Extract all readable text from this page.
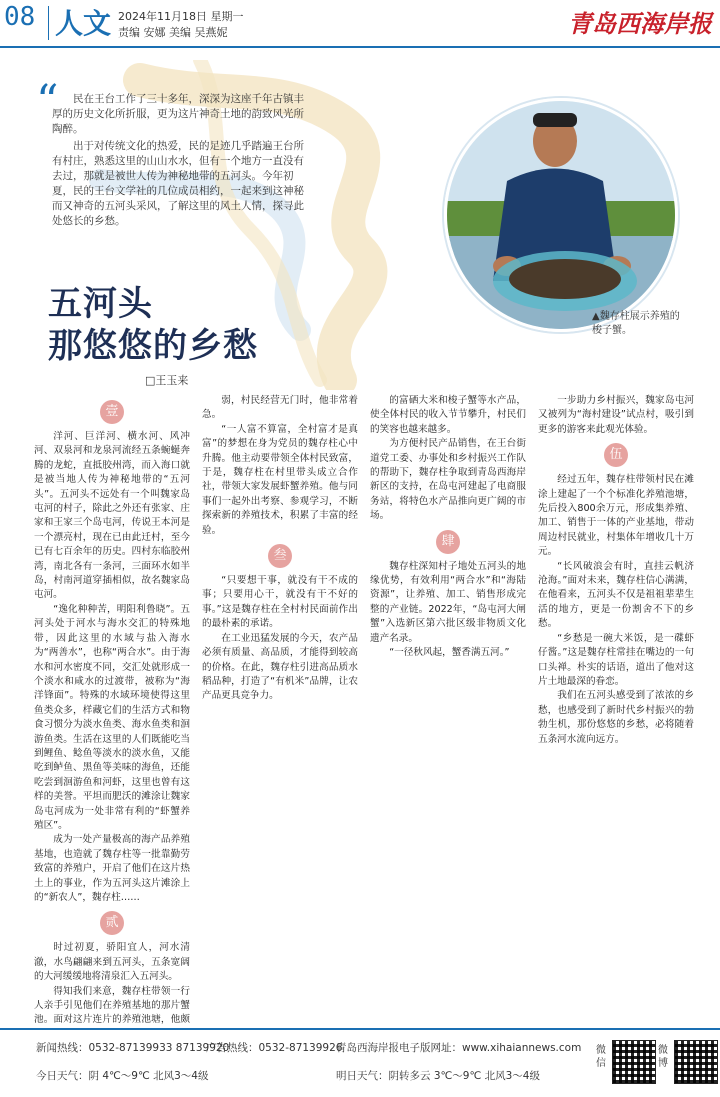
08 人文 2024年11月18日 星期一
责编 安娜 美编 吴燕妮	青岛西海岸报
“	民在王台工作了三十多年，深深为这座千年古镇丰厚的历史文化所折服，更为这片神奇土地的韵致风光所陶醉。

出于对传统文化的热爱，民的足迹几乎踏遍王台所有村庄，熟悉这里的山山水水，但有一个地方一直没有去过，那就是被世人传为神秘地带的五河头。今年初夏，民的王台文学社的几位成员相约，一起来到这神秘而又神奇的五河头采风，了解这里的风土人情，探寻此处悠长的乡愁。

▲魏存柱展示养殖的梭子蟹。
五河头
那悠悠的乡愁
□王玉来
壹

洋河、巨洋河、横水河、风冲河、双泉河和龙泉河流经五条蜿蜒奔腾的龙蛇，直抵胶州湾，而入海口就是被当地人传为神秘地带的“五河头”。五河头不远处有一个叫魏家岛屯河的村子，除此之外还有张家、庄家和王家三个岛屯河，传说王本河是一个漂亮村，现在已由此迁村，至今已有七百余年的历史。四村东临胶州湾，南北各有一条河，三面环水如半岛，村南河道穿插相似，故名魏家岛屯河。

“逸化种种苦，明阳利鲁晓”。五河头处于河水与海水交汇的特殊地带，因此这里的水域与盐入海水为“两善水”，也称“两合水”。由于海水和河水密度不同，交汇处就形成一个淡水和咸水的过渡带，被称为“海洋锋面”。特殊的水域环境使得这里鱼类众多，样藏它们的生活方式和物食习惯分为淡水鱼类、海水鱼类和洄游鱼类。生活在这里的人们既能吃当到鲤鱼、鲶鱼等淡水的淡水鱼，又能吃到鲈鱼、黑鱼等美味的海鱼，还能吃尝到洄游鱼和河虾，这里也曾有这样的美誉。平坦而肥沃的滩涂让魏家岛屯河成为一处非常有利的“虾蟹养殖区”。

成为一处产量极高的海产品养殖基地，也造就了魏存柱等一批靠勤劳致富的养殖户，开启了他们在这片热土上的事业，作为五河头这片滩涂上的“新农人”，魏存柱……

贰

时过初夏，骄阳宜人，河水清澈，水鸟翩翩来到五河头，五条宽阔的大河缓缓地将清泉汇入五河头。

得知我们来意，魏存柱带领一行人亲手引见他们在养殖基地的那片蟹池。面对这片连片的养殖池塘，他颇

弱，村民经营无门时，他非常着急。

“一人富不算富，全村富才是真富”的梦想在身为党员的魏存柱心中升腾。他主动要带领全体村民致富，于是，魏存柱在村里带头成立合作社，带领大家发展虾蟹养殖。他与同事们一起外出考察、参观学习，不断探索新的养殖技术，积累了丰富的经验。

叁

“只要想干事，就没有干不成的事；只要用心干，就没有干不好的事。”这是魏存柱在全村村民面前作出的最朴素的承诺。

在工业迅猛发展的今天，农产品必须有质量、高品质，才能得到较高的价格。在此，魏存柱引进高品质水稻品种，打造了“有机米”品牌，让农产品更具竞争力。

的富硒大米和梭子蟹等水产品，使全体村民的收入节节攀升，村民们的笑容也越来越多。

为方便村民产品销售，在王台街道党工委、办事处和乡村振兴工作队的帮助下，魏存柱争取到青岛西海岸新区的支持，在岛屯河建起了电商服务站，将特色水产品推向更广阔的市场。

肆

魏存柱深知村子地处五河头的地缘优势，有效利用“两合水”和“海陆资源”，让养殖、加工、销售形成完整的产业链。2022年，“岛屯河大闸蟹”入选新区第六批区级非物质文化遗产名录。

“一径秋风起，蟹香满五河。”

一步助力乡村振兴，魏家岛屯河又被列为“海村建设”试点村，吸引到更多的游客来此观光体验。

伍

经过五年，魏存柱带领村民在滩涂上建起了一个个标准化养殖池塘，先后投入800余万元，形成集养殖、加工、销售于一体的产业基地，带动周边村民就业，村集体年增收几十万元。

“长风破浪会有时，直挂云帆济沧海。”面对未来，魏存柱信心满满，在他看来，五河头不仅是祖祖辈辈生活的地方，更是一份割舍不下的乡愁。

“乡愁是一碗大米饭，是一碟虾仔酱。”这是魏存柱常挂在嘴边的一句口头禅。朴实的话语，道出了他对这片土地最深的眷恋。

我们在五河头感受到了浓浓的乡愁，也感受到了新时代乡村振兴的勃勃生机，那份悠悠的乡愁，必将随着五条河水流向远方。

新闻热线：0532-87139933 87139920
广告热线：0532-87139926
青岛西海岸报电子版网址：www.xihaiannews.com
今日天气：阴 4℃～9℃ 北风3～4级	明日天气：阴转多云 3℃～9℃ 北风3～4级
微信
微博
